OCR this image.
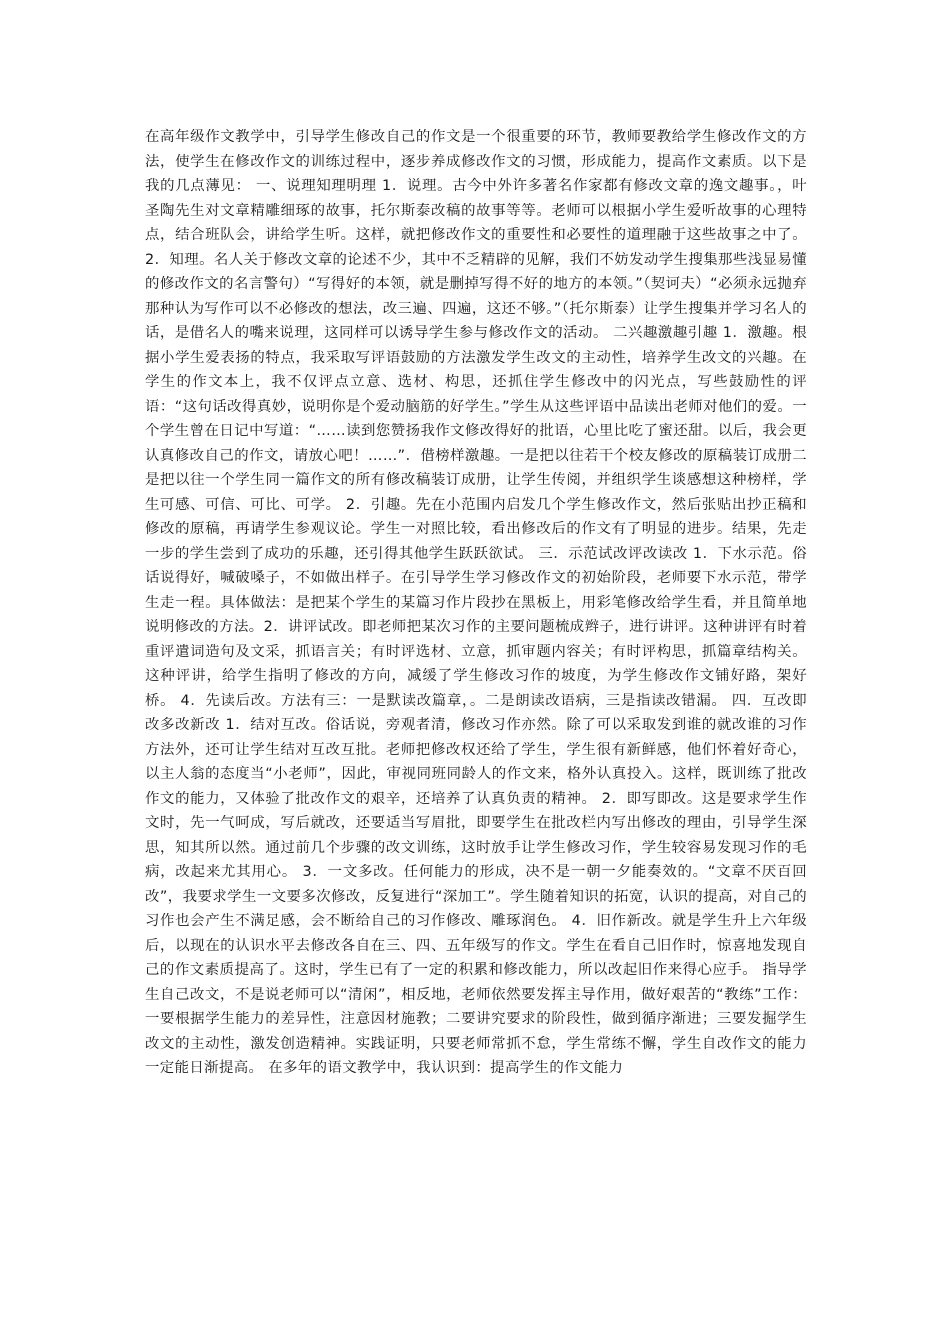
在高年级作文教学中，引导学生修改自己的作文是一个很重要的环节，教师要教给学生修改作文的方法，使学生在修改作文的训练过程中，逐步养成修改作文的习惯，形成能力，提高作文素质。以下是我的几点薄见： 一、说理知理明理 1．说理。古今中外许多著名作家都有修改文章的逸文趣事。，叶圣陶先生对文章精雕细琢的故事，托尔斯泰改稿的故事等等。老师可以根据小学生爱听故事的心理特点，结合班队会，讲给学生听。这样，就把修改作文的重要性和必要性的道理融于这些故事之中了。 2．知理。名人关于修改文章的论述不少，其中不乏精辟的见解，我们不妨发动学生搜集那些浅显易懂的修改作文的名言警句）“写得好的本领，就是删掉写得不好的地方的本领。”（契诃夫）“必须永远抛弃那种认为写作可以不必修改的想法，改三遍、四遍，这还不够。”（托尔斯泰）让学生搜集并学习名人的话，是借名人的嘴来说理，这同样可以诱导学生参与修改作文的活动。 二兴趣激趣引趣 1．激趣。根据小学生爱表扬的特点，我采取写评语鼓励的方法激发学生改文的主动性，培养学生改文的兴趣。在学生的作文本上，我不仅评点立意、选材、构思，还抓住学生修改中的闪光点，写些鼓励性的评语：“这句话改得真妙，说明你是个爱动脑筋的好学生。”学生从这些评语中品读出老师对他们的爱。一个学生曾在日记中写道：“……读到您赞扬我作文修改得好的批语，心里比吃了蜜还甜。以后，我会更认真修改自己的作文，请放心吧！……”．借榜样激趣。一是把以往若干个校友修改的原稿装订成册二是把以往一个学生同一篇作文的所有修改稿装订成册，让学生传阅，并组织学生谈感想这种榜样，学生可感、可信、可比、可学。 2．引趣。先在小范围内启发几个学生修改作文，然后张贴出抄正稿和修改的原稿，再请学生参观议论。学生一对照比较，看出修改后的作文有了明显的进步。结果，先走一步的学生尝到了成功的乐趣，还引得其他学生跃跃欲试。 三．示范试改评改读改 1．下水示范。俗话说得好，喊破嗓子，不如做出样子。在引导学生学习修改作文的初始阶段，老师要下水示范，带学生走一程。具体做法：是把某个学生的某篇习作片段抄在黑板上，用彩笔修改给学生看，并且简单地说明修改的方法。2．讲评试改。即老师把某次习作的主要问题梳成辫子，进行讲评。这种讲评有时着重评遣词造句及文采，抓语言关；有时评选材、立意，抓审题内容关；有时评构思，抓篇章结构关。这种评讲，给学生指明了修改的方向，减缓了学生修改习作的坡度，为学生修改作文铺好路，架好桥。 4．先读后改。方法有三：一是默读改篇章，。二是朗读改语病，三是指读改错漏。 四．互改即改多改新改 1．结对互改。俗话说，旁观者清，修改习作亦然。除了可以采取发到谁的就改谁的习作方法外，还可让学生结对互改互批。老师把修改权还给了学生，学生很有新鲜感，他们怀着好奇心，以主人翁的态度当“小老师”，因此，审视同班同龄人的作文来，格外认真投入。这样，既训练了批改作文的能力，又体验了批改作文的艰辛，还培养了认真负责的精神。 2．即写即改。这是要求学生作文时，先一气呵成，写后就改，还要适当写眉批，即要学生在批改栏内写出修改的理由，引导学生深思，知其所以然。通过前几个步骤的改文训练，这时放手让学生修改习作，学生较容易发现习作的毛病，改起来尤其用心。 3．一文多改。任何能力的形成，决不是一朝一夕能奏效的。“文章不厌百回改”，我要求学生一文要多次修改，反复进行“深加工”。学生随着知识的拓宽，认识的提高，对自己的习作也会产生不满足感，会不断给自己的习作修改、雕琢润色。 4．旧作新改。就是学生升上六年级后，以现在的认识水平去修改各自在三、四、五年级写的作文。学生在看自己旧作时，惊喜地发现自己的作文素质提高了。这时，学生已有了一定的积累和修改能力，所以改起旧作来得心应手。 指导学生自己改文，不是说老师可以“清闲”，相反地，老师依然要发挥主导作用，做好艰苦的“教练”工作：一要根据学生能力的差异性，注意因材施教；二要讲究要求的阶段性，做到循序渐进；三要发掘学生改文的主动性，激发创造精神。实践证明，只要老师常抓不怠，学生常练不懈，学生自改作文的能力一定能日渐提高。 在多年的语文教学中，我认识到：提高学生的作文能力
